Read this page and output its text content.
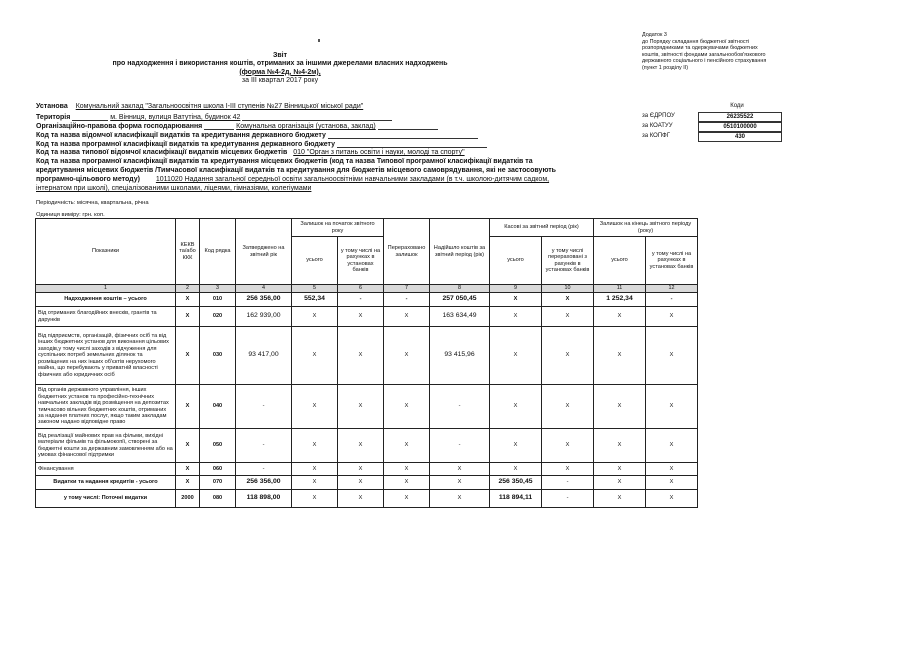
Додаток 3
до Порядку складання бюджетної звітності
розпорядниками та одержувачами бюджетних
коштів, звітності фондами загальнообов'язкового
державного соціального і пенсійного страхування
(пункт 1 розділу ІІ)
Звіт
про надходження і використання коштів, отриманих за іншими джерелами власних надходжень
(форма №4-2д, №4-2м),
за ІІІ квартал 2017 року
Коди
за ЄДРПОУ	26235522
за КОАТУУ	0510100000
за КОПФГ	430
Установа Комунальний заклад "Загальноосвітня школа І-ІІІ ступенів №27 Вінницької міської ради"
Територія	м. Вінниця, вулиця Ватутіна, будинок 42
Організаційно-правова форма господарювання	Комунальна організація (установа, заклад)
Код та назва відомчої класифікації видатків та кредитування державного бюджету
Код та назва програмної класифікації видатків та кредитування державного бюджету
Код та назва типової відомчої класифікації видатків місцевих бюджетів 010 "Орган з питань освіти і науки, молоді та спорту"
Код та назва програмної класифікації видатків та кредитування місцевих бюджетів (код та назва Типової програмної класифікації видатків та
кредитування місцевих бюджетів /Тимчасової класифікації видатків та кредитування для бюджетів місцевого самоврядування, які не застосовують
програмно-цільового методу) 1011020 Надання загальної середньої освіти загальноосвітніми навчальними закладами (в т.ч. школою-дитячим садком,
інтернатом при школі), спеціалізованими школами, ліцеями, гімназіями, колегіумами
Періодичність: місячна, квартальна, річна
Одиниця виміру: грн. коп.
Показники	КЕКВ та/або ККК	Код рядка	Затверджено на звітний рік	Залишок на початок звітного року		Перераховано залишок	Надійшло коштів за звітний період (рік)	Касові за звітний період (рік)		Залишок на кінець звітного періоду (року)	
				усього	у тому числі на рахунках в установах банків			усього	у тому числі перераховані з рахунків в установах банків	усього	у тому числі на рахунках в установах банків
1	2	3	4	5	6	7	8	9	10	11	12
Надходження коштів – усього	Х	010	256 356,00	552,34	-	-	257 050,45	Х	Х	1 252,34	-
Від отриманих благодійних внесків, грантів та дарунків	Х	020	162 939,00	Х	Х	Х	163 634,49	Х	Х	Х	Х
Від підприємств, організацій, фізичних осіб та від інших бюджетних установ для виконання цільових заходів,у тому числі заходів з відчуження для суспільних потреб земельних ділянок та розміщених на них інших об'єктів нерухомого майна, що перебувають у приватній власності фізичних або юридичних осіб	Х	030	93 417,00	Х	Х	Х	93 415,96	Х	Х	Х	Х
Від органів державного управління, інших бюджетних установ та професійно-технічних навчальних закладів від розміщення на депозитах тимчасово вільних бюджетних коштів, отриманих за надання платних послуг, якщо таким закладам законом надано відповідне право	Х	040	-	Х	Х	Х	-	Х	Х	Х	Х
Від реалізації майнових прав на фільми, вихідні матеріали фільмів та фільмокопії, створені за бюджетні кошти за державним замовленням або на умовах фінансової підтримки	Х	050	-	Х	Х	Х	-	Х	Х	Х	Х
Фінансування	Х	060	-	Х	Х	Х	Х	Х	Х	Х	Х
Видатки та надання кредитів - усього	Х	070	256 356,00	Х	Х	Х	Х	256 350,45	-	Х	Х
у тому числі: Поточні видатки	2000	080	118 898,00	Х	Х	Х	Х	118 894,11	-	Х	Х
